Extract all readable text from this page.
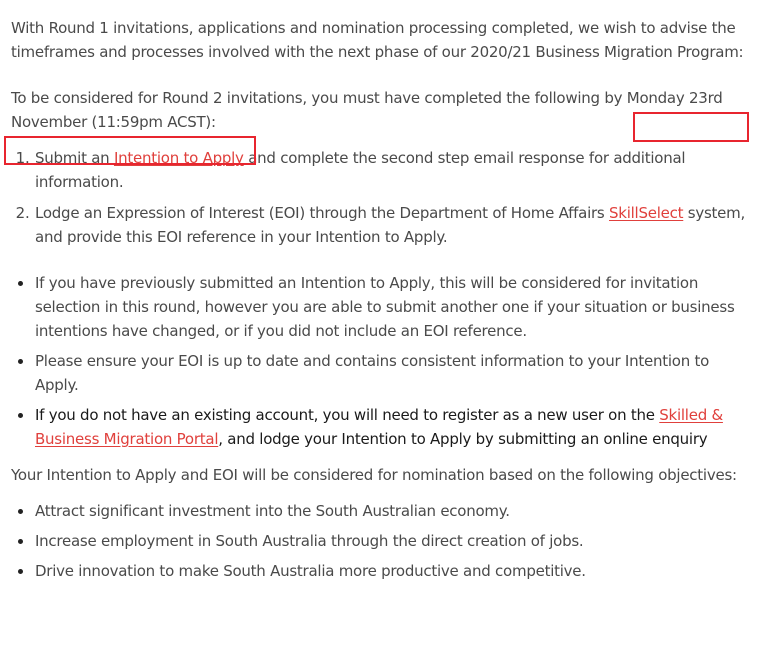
With Round 1 invitations, applications and nomination processing completed, we wish to advise the timeframes and processes involved with the next phase of our 2020/21 Business Migration Program:

To be considered for Round 2 invitations, you must have completed the following by Monday 23rd November (11:59pm ACST):

1. Submit an Intention to Apply and complete the second step email response for additional information.
2. Lodge an Expression of Interest (EOI) through the Department of Home Affairs SkillSelect system, and provide this EOI reference in your Intention to Apply.
• If you have previously submitted an Intention to Apply, this will be considered for invitation selection in this round, however you are able to submit another one if your situation or business intentions have changed, or if you did not include an EOI reference.
• Please ensure your EOI is up to date and contains consistent information to your Intention to Apply.
• If you do not have an existing account, you will need to register as a new user on the Skilled & Business Migration Portal, and lodge your Intention to Apply by submitting an online enquiry

Your Intention to Apply and EOI will be considered for nomination based on the following objectives:

• Attract significant investment into the South Australian economy.
• Increase employment in South Australia through the direct creation of jobs.
• Drive innovation to make South Australia more productive and competitive.
